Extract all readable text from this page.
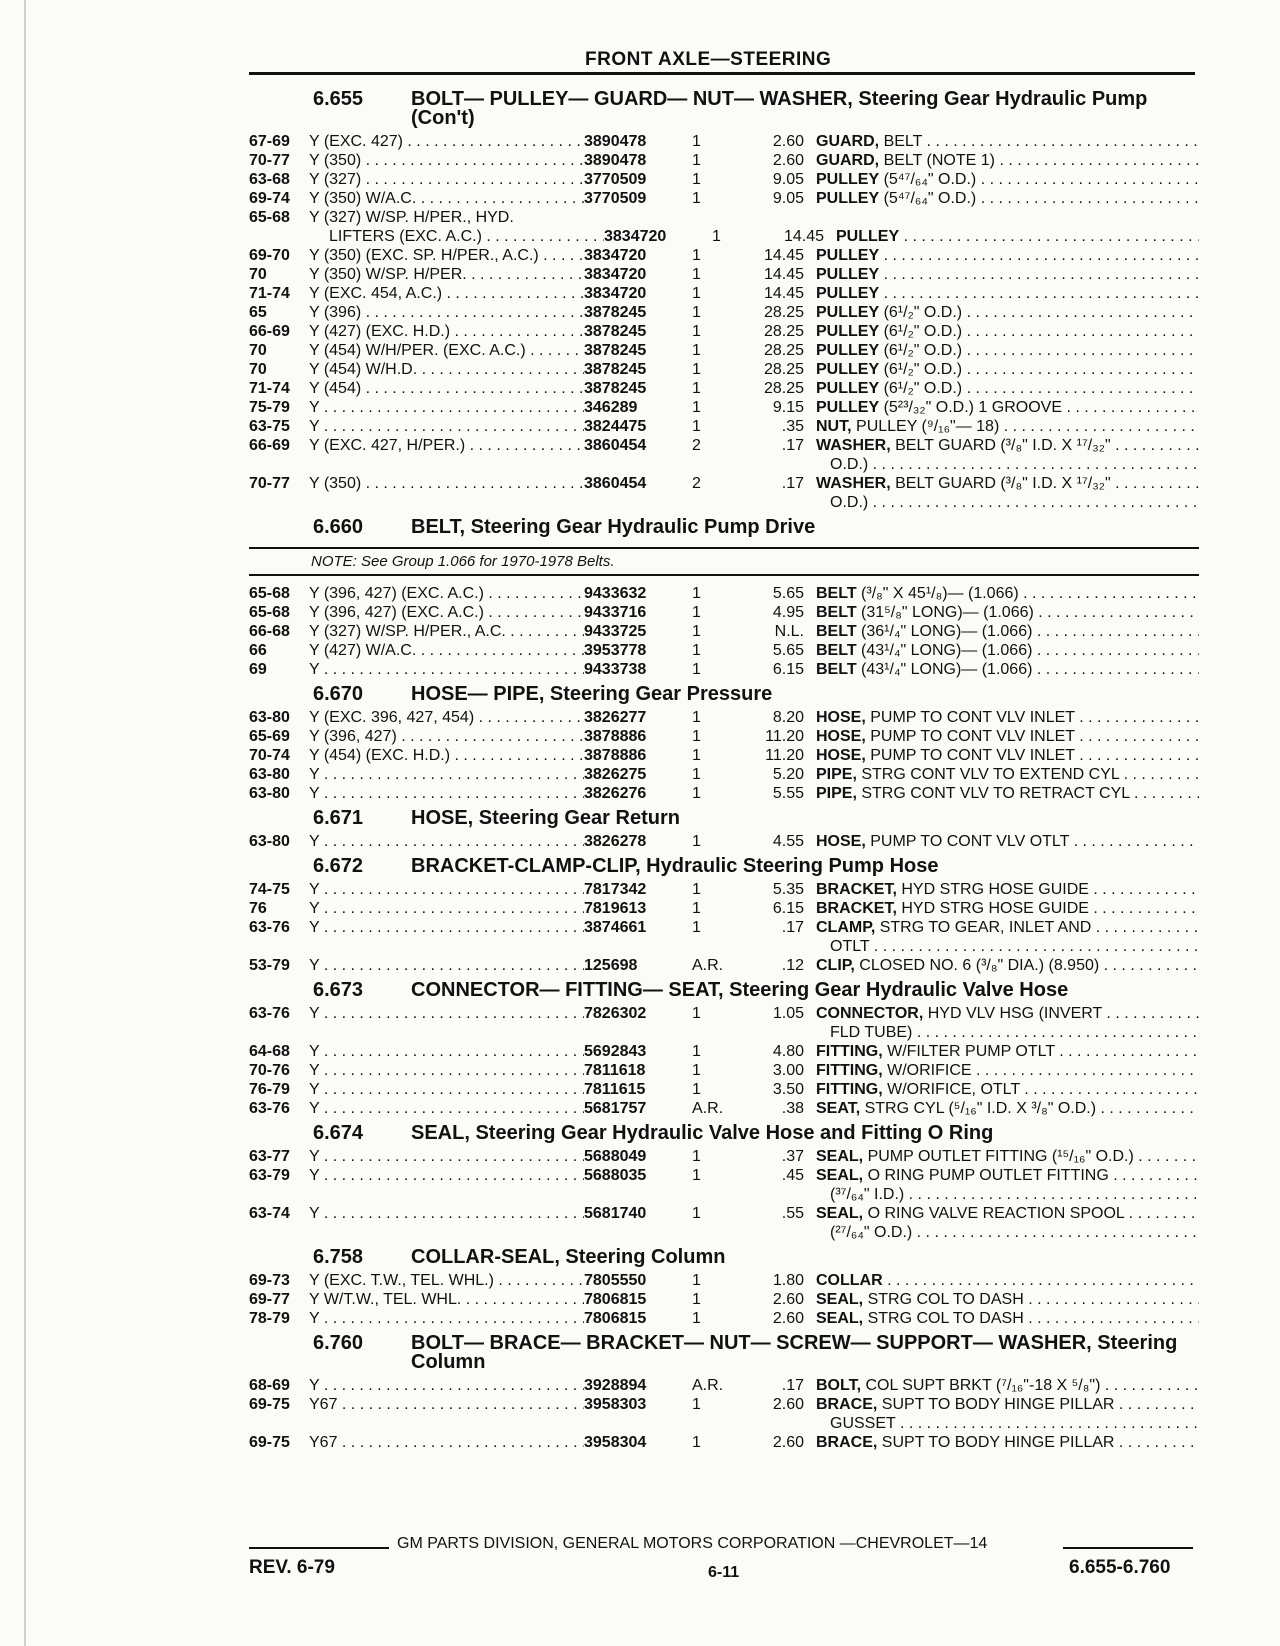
FRONT AXLE—STEERING
6.655	BOLT— PULLEY— GUARD— NUT— WASHER, Steering Gear Hydraulic Pump (Con't)
67-69	Y (EXC. 427) . . .	3890478	1	2.60 GUARD, BELT . . .
70-77	Y (350) . . .	3890478	1	2.60 GUARD, BELT (NOTE 1) . . .
63-68	Y (327) . . .	3770509	1	9.05 PULLEY (5⁴⁷/₆₄" O.D.) . . .
69-74	Y (350) W/A.C. . . .	3770509	1	9.05 PULLEY (5⁴⁷/₆₄" O.D.) . . .
65-68	Y (327) W/SP. H/PER., HYD.
LIFTERS (EXC. A.C.) . . .	3834720	1	14.45 PULLEY . . .
69-70	Y (350) (EXC. SP. H/PER., A.C.) . . .	3834720	1	14.45 PULLEY . . .
70	Y (350) W/SP. H/PER. . . .	3834720	1	14.45 PULLEY . . .
71-74	Y (EXC. 454, A.C.) . . .	3834720	1	14.45 PULLEY . . .
65	Y (396) . . .	3878245	1	28.25 PULLEY (6¹/₂" O.D.) . . .
66-69	Y (427) (EXC. H.D.) . . .	3878245	1	28.25 PULLEY (6¹/₂" O.D.) . . .
70	Y (454) W/H/PER. (EXC. A.C.) . . .	3878245	1	28.25 PULLEY (6¹/₂" O.D.) . . .
70	Y (454) W/H.D. . . .	3878245	1	28.25 PULLEY (6¹/₂" O.D.) . . .
71-74	Y (454) . . .	3878245	1	28.25 PULLEY (6¹/₂" O.D.) . . .
75-79	Y . . .	346289	1	9.15 PULLEY (5²³/₃₂" O.D.) 1 GROOVE . . .
63-75	Y . . .	3824475	1	.35 NUT, PULLEY (⁹/₁₆"— 18) . . .
66-69	Y (EXC. 427, H/PER.) . . .	3860454	2	.17 WASHER, BELT GUARD (³/₈" I.D. X ¹⁷/₃₂" . . .
O.D.) . . .
70-77	Y (350) . . .	3860454	2	.17 WASHER, BELT GUARD (³/₈" I.D. X ¹⁷/₃₂" . . .
O.D.) . . .
6.660	BELT, Steering Gear Hydraulic Pump Drive
NOTE: See Group 1.066 for 1970-1978 Belts.
65-68	Y (396, 427) (EXC. A.C.) . . .	9433632	1	5.65 BELT (³/₈" X 45¹/₈)— (1.066) . . .
65-68	Y (396, 427) (EXC. A.C.) . . .	9433716	1	4.95 BELT (31⁵/₈" LONG)— (1.066) . . .
66-68	Y (327) W/SP. H/PER., A.C. . . .	9433725	1	N.L. BELT (36¹/₄" LONG)— (1.066) . . .
66	Y (427) W/A.C. . . .	3953778	1	5.65 BELT (43¹/₄" LONG)— (1.066) . . .
69	Y . . .	9433738	1	6.15 BELT (43¹/₄" LONG)— (1.066) . . .
6.670	HOSE— PIPE, Steering Gear Pressure
63-80	Y (EXC. 396, 427, 454) . . .	3826277	1	8.20 HOSE, PUMP TO CONT VLV INLET . . .
65-69	Y (396, 427) . . .	3878886	1	11.20 HOSE, PUMP TO CONT VLV INLET . . .
70-74	Y (454) (EXC. H.D.) . . .	3878886	1	11.20 HOSE, PUMP TO CONT VLV INLET . . .
63-80	Y . . .	3826275	1	5.20 PIPE, STRG CONT VLV TO EXTEND CYL . . .
63-80	Y . . .	3826276	1	5.55 PIPE, STRG CONT VLV TO RETRACT CYL . . .
6.671	HOSE, Steering Gear Return
63-80	Y . . .	3826278	1	4.55 HOSE, PUMP TO CONT VLV OTLT . . .
6.672	BRACKET-CLAMP-CLIP, Hydraulic Steering Pump Hose
74-75	Y . . .	7817342	1	5.35 BRACKET, HYD STRG HOSE GUIDE . . .
76	Y . . .	7819613	1	6.15 BRACKET, HYD STRG HOSE GUIDE . . .
63-76	Y . . .	3874661	1	.17 CLAMP, STRG TO GEAR, INLET AND . . .
OTLT . . .
53-79	Y . . .	125698	A.R.	.12 CLIP, CLOSED NO. 6 (³/₈" DIA.) (8.950) . . .
6.673	CONNECTOR— FITTING— SEAT, Steering Gear Hydraulic Valve Hose
63-76	Y . . .	7826302	1	1.05 CONNECTOR, HYD VLV HSG (INVERT . . .
FLD TUBE) . . .
64-68	Y . . .	5692843	1	4.80 FITTING, W/FILTER PUMP OTLT . . .
70-76	Y . . .	7811618	1	3.00 FITTING, W/ORIFICE . . .
76-79	Y . . .	7811615	1	3.50 FITTING, W/ORIFICE, OTLT . . .
63-76	Y . . .	5681757	A.R.	.38 SEAT, STRG CYL (⁵/₁₆" I.D. X ³/₈" O.D.) . . .
6.674	SEAL, Steering Gear Hydraulic Valve Hose and Fitting O Ring
63-77	Y . . .	5688049	1	.37 SEAL, PUMP OUTLET FITTING (¹⁵/₁₆" O.D.) . . .
63-79	Y . . .	5688035	1	.45 SEAL, O RING PUMP OUTLET FITTING . . .
(³⁷/₆₄" I.D.) . . .
63-74	Y . . .	5681740	1	.55 SEAL, O RING VALVE REACTION SPOOL . . .
(²⁷/₆₄" O.D.) . . .
6.758	COLLAR-SEAL, Steering Column
69-73	Y (EXC. T.W., TEL. WHL.) . . .	7805550	1	1.80 COLLAR . . .
69-77	Y W/T.W., TEL. WHL. . . .	7806815	1	2.60 SEAL, STRG COL TO DASH . . .
78-79	Y . . .	7806815	1	2.60 SEAL, STRG COL TO DASH . . .
6.760	BOLT— BRACE— BRACKET— NUT— SCREW— SUPPORT— WASHER, Steering Column
68-69	Y . . .	3928894	A.R.	.17 BOLT, COL SUPT BRKT (⁷/₁₆"-18 X ⁵/₈") . . .
69-75	Y67 . . .	3958303	1	2.60 BRACE, SUPT TO BODY HINGE PILLAR . . .
GUSSET . . .
69-75	Y67 . . .	3958304	1	2.60 BRACE, SUPT TO BODY HINGE PILLAR . . .
GM PARTS DIVISION, GENERAL MOTORS CORPORATION —CHEVROLET—14
REV. 6-79	6-11	6.655-6.760
